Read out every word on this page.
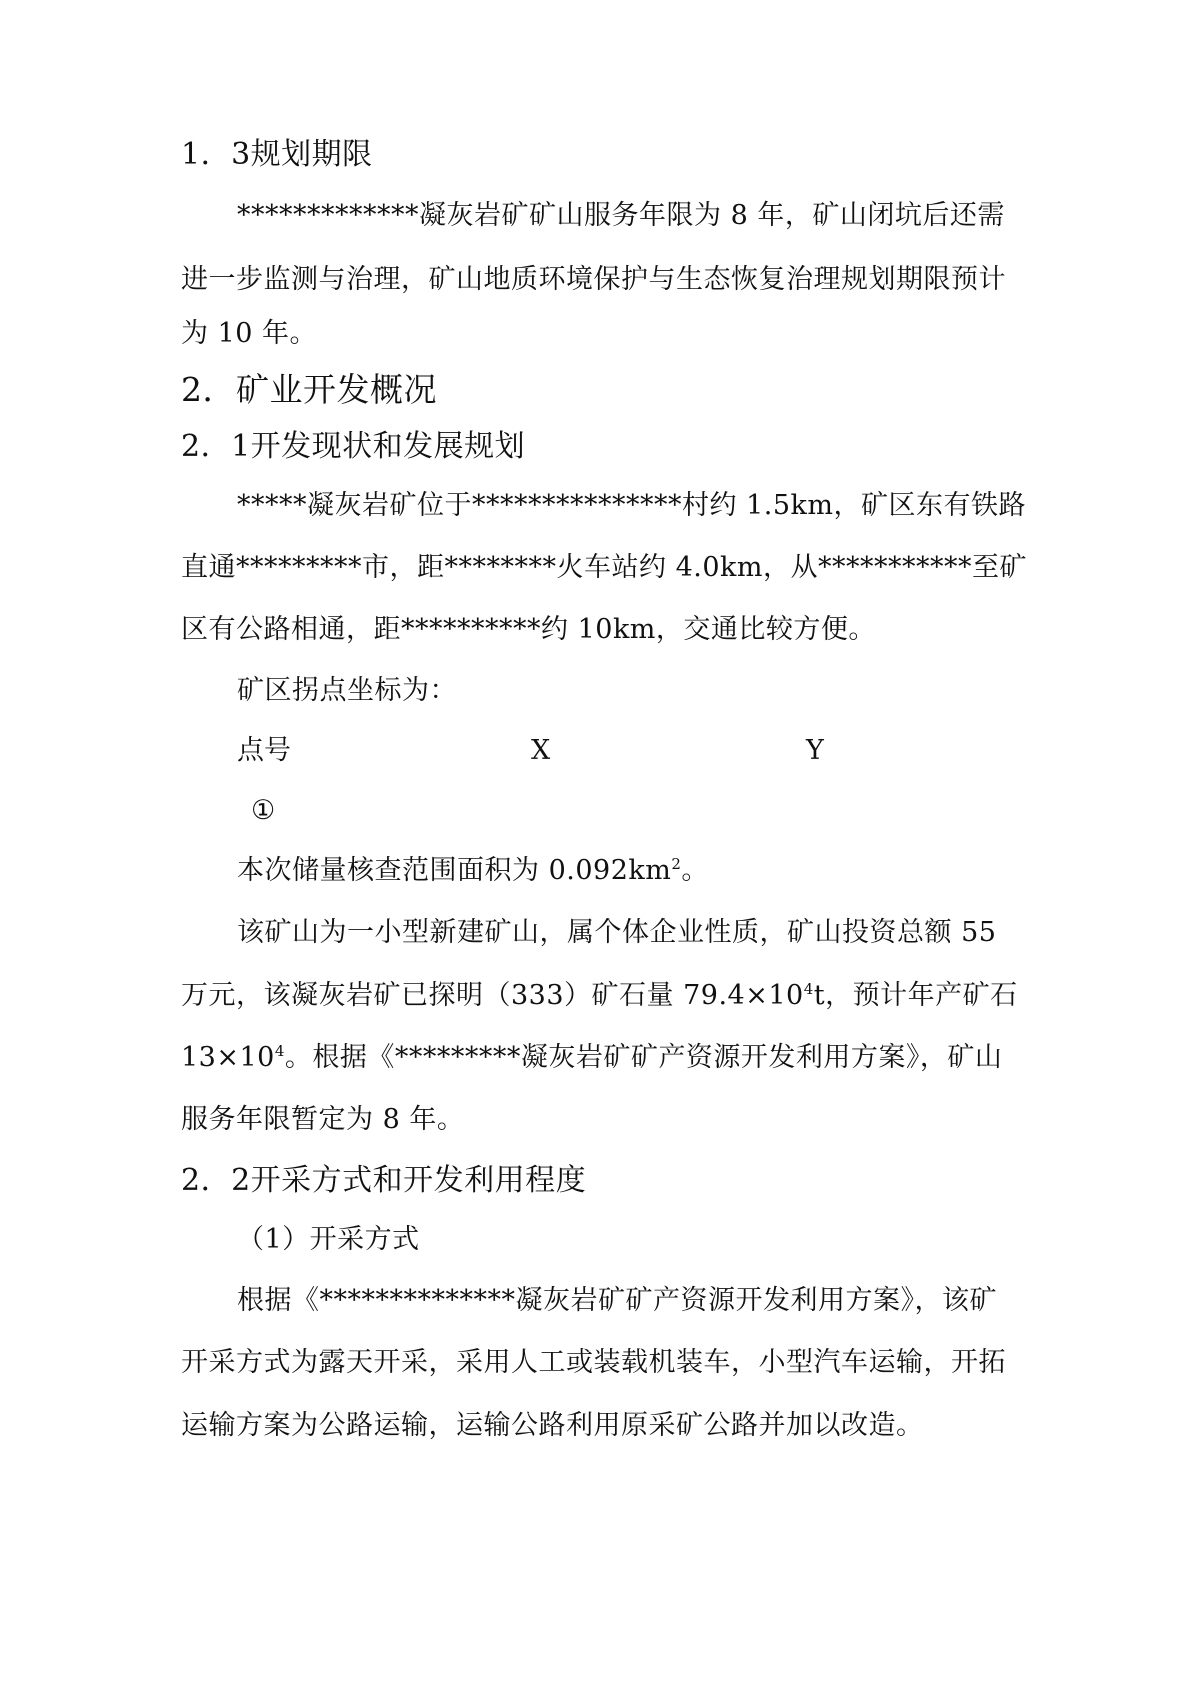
1．3规划期限
*************凝灰岩矿矿山服务年限为 8 年，矿山闭坑后还需
进一步监测与治理，矿山地质环境保护与生态恢复治理规划期限预计
为 10 年。
2．矿业开发概况
2．1开发现状和发展规划
*****凝灰岩矿位于***************村约 1.5km，矿区东有铁路
直通*********市，距********火车站约 4.0km，从***********至矿
区有公路相通，距**********约 10km，交通比较方便。
矿区拐点坐标为：
点号	X	Y
①
本次储量核查范围面积为 $0.092km^2$。
该矿山为一小型新建矿山，属个体企业性质，矿山投资总额 55
万元，该凝灰岩矿已探明（333）矿石量 $79.4\times 10^4t$，预计年产矿石
$13\times 10^4$。根据《*********凝灰岩矿矿产资源开发利用方案》，矿山
服务年限暂定为 8 年。
2．2开采方式和开发利用程度
（1）开采方式
根据《**************凝灰岩矿矿产资源开发利用方案》，该矿
开采方式为露天开采，采用人工或装载机装车，小型汽车运输，开拓
运输方案为公路运输，运输公路利用原采矿公路并加以改造。
